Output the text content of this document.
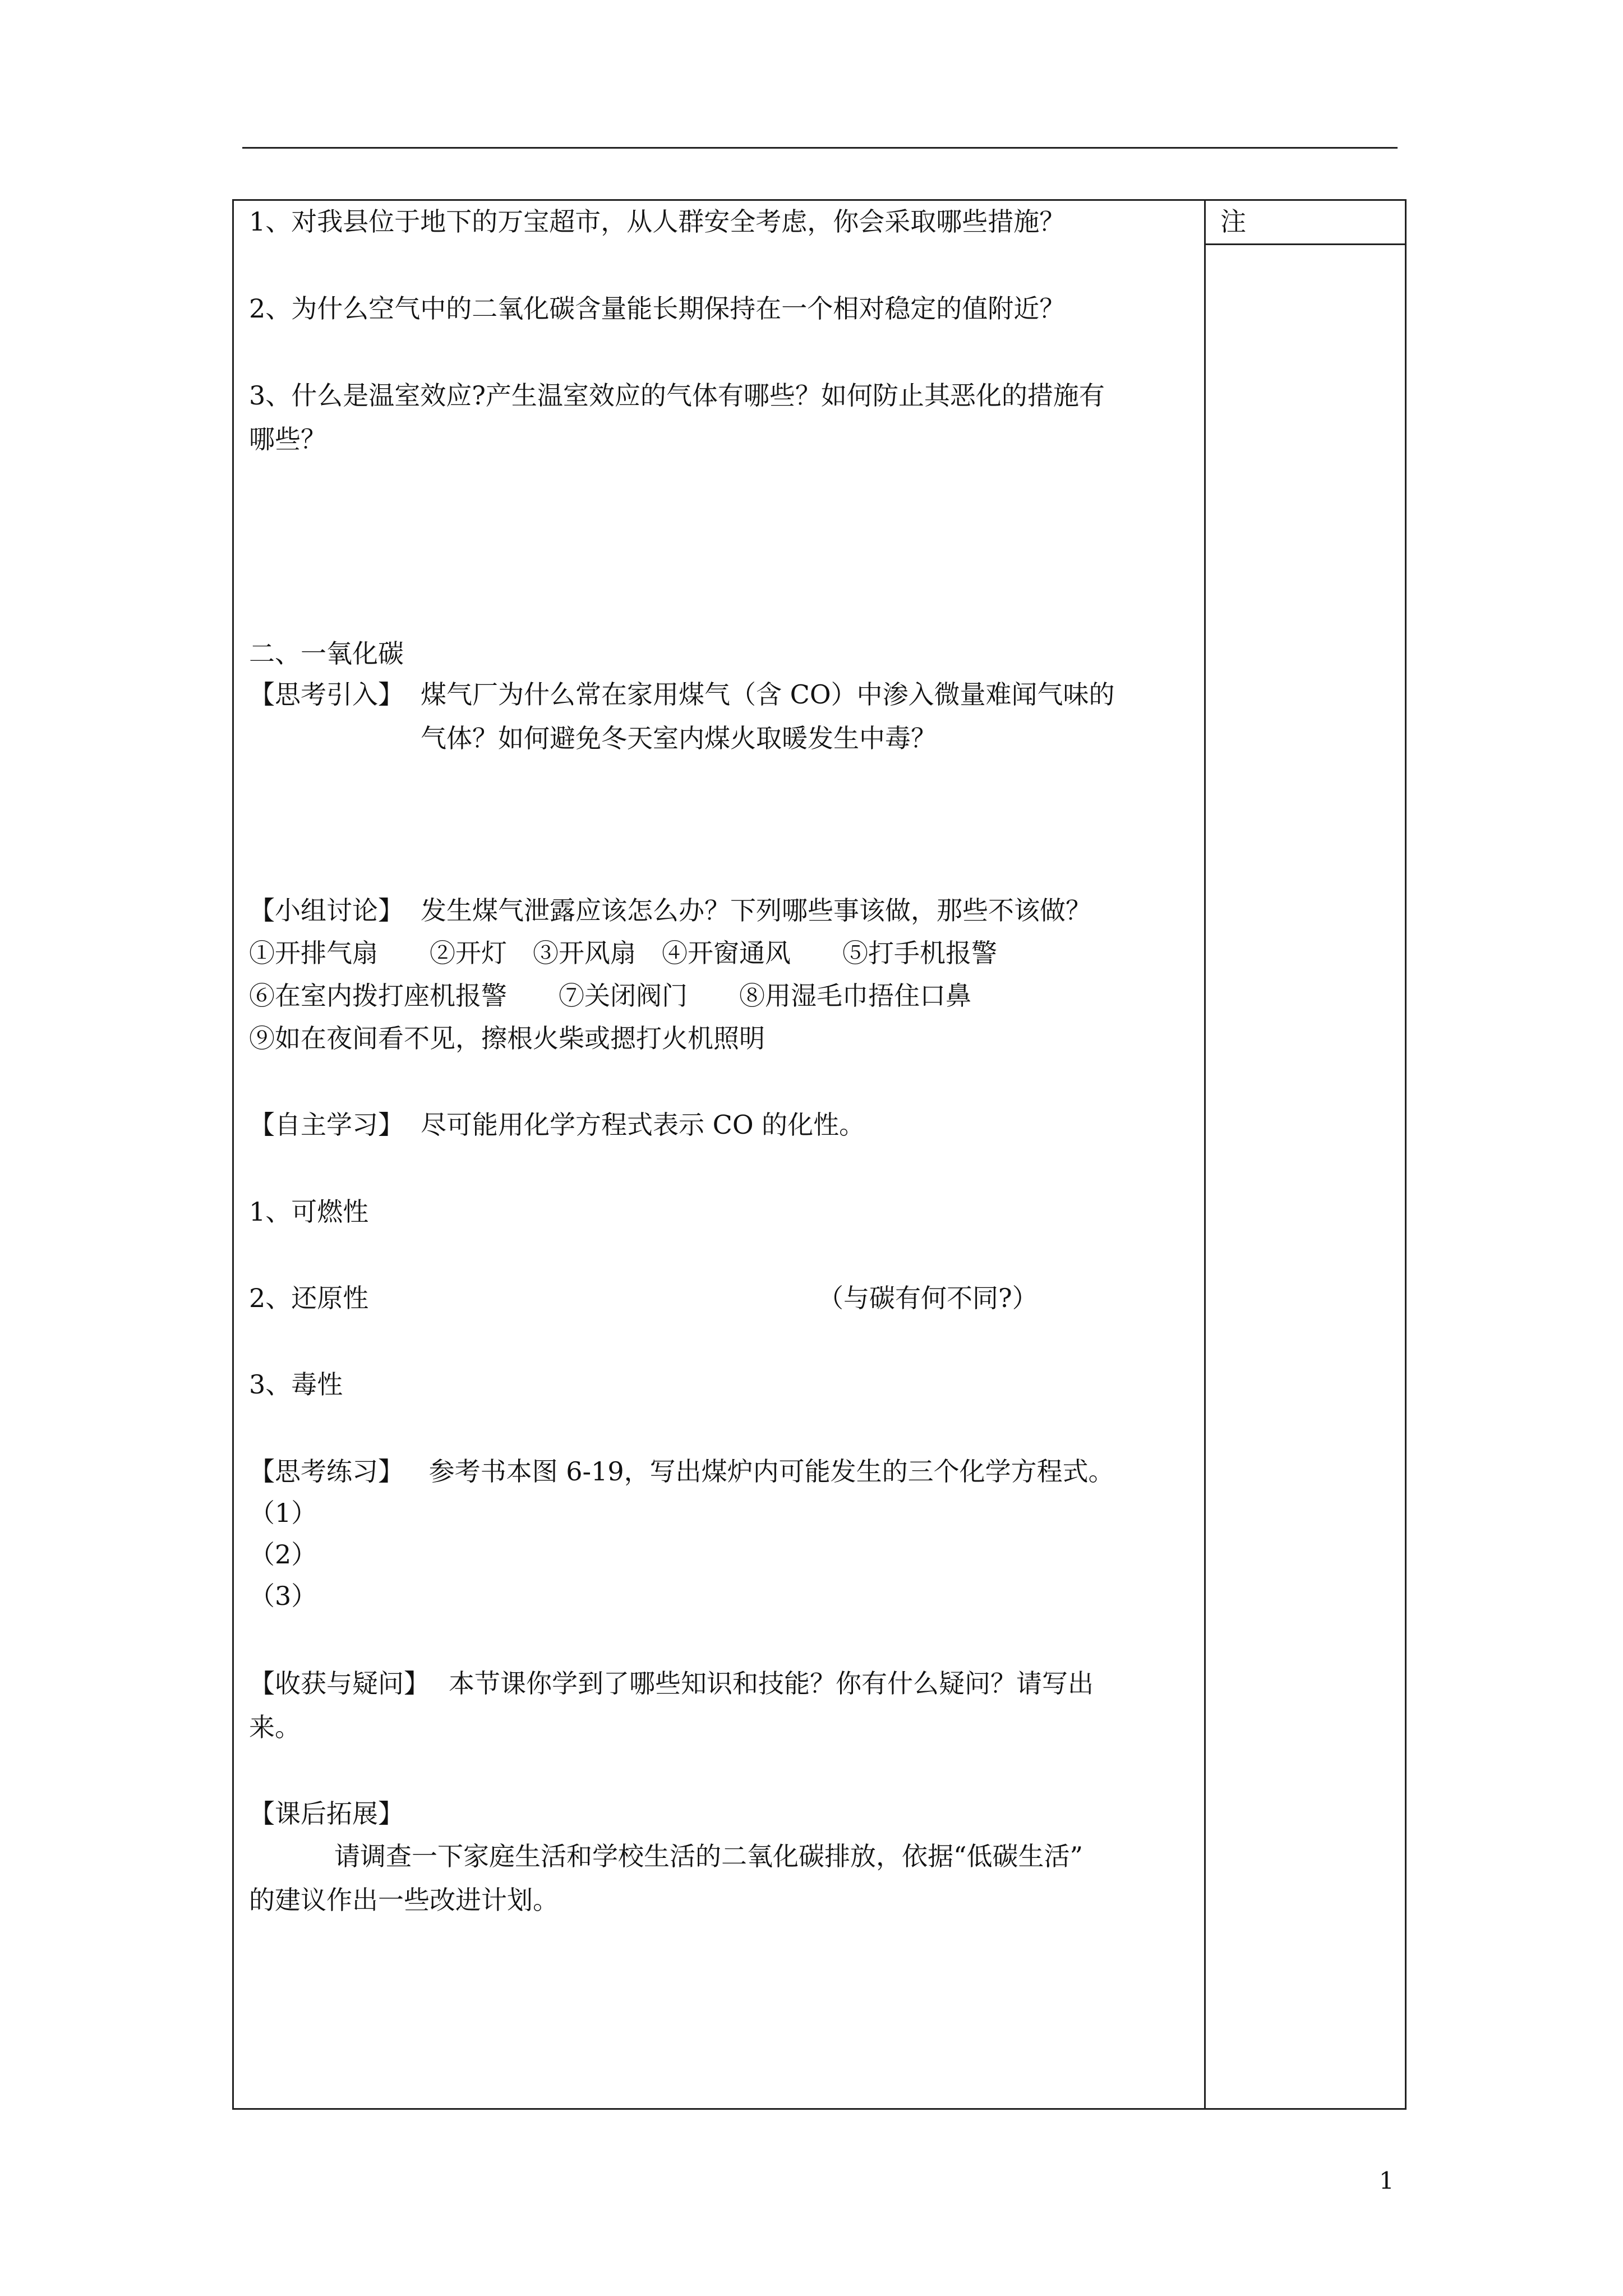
注
1、对我县位于地下的万宝超市，从人群安全考虑，你会采取哪些措施？
2、为什么空气中的二氧化碳含量能长期保持在一个相对稳定的值附近？
3、什么是温室效应?产生温室效应的气体有哪些？如何防止其恶化的措施有
哪些？
二、一氧化碳
【思考引入】 煤气厂为什么常在家用煤气（含 CO）中渗入微量难闻气味的
气体？如何避免冬天室内煤火取暖发生中毒？
【小组讨论】 发生煤气泄露应该怎么办？下列哪些事该做，那些不该做？
①开排气扇　　②开灯　③开风扇　④开窗通风　　⑤打手机报警
⑥在室内拨打座机报警　　⑦关闭阀门　　⑧用湿毛巾捂住口鼻
⑨如在夜间看不见，擦根火柴或摁打火机照明
【自主学习】 尽可能用化学方程式表示 CO 的化性。
1、可燃性
2、还原性	（与碳有何不同?）
3、毒性
【思考练习】 参考书本图 6-19，写出煤炉内可能发生的三个化学方程式。
（1）
（2）
（3）
【收获与疑问】 本节课你学到了哪些知识和技能？你有什么疑问？请写出
来。
【课后拓展】
请调查一下家庭生活和学校生活的二氧化碳排放，依据“低碳生活”
的建议作出一些改进计划。
1
